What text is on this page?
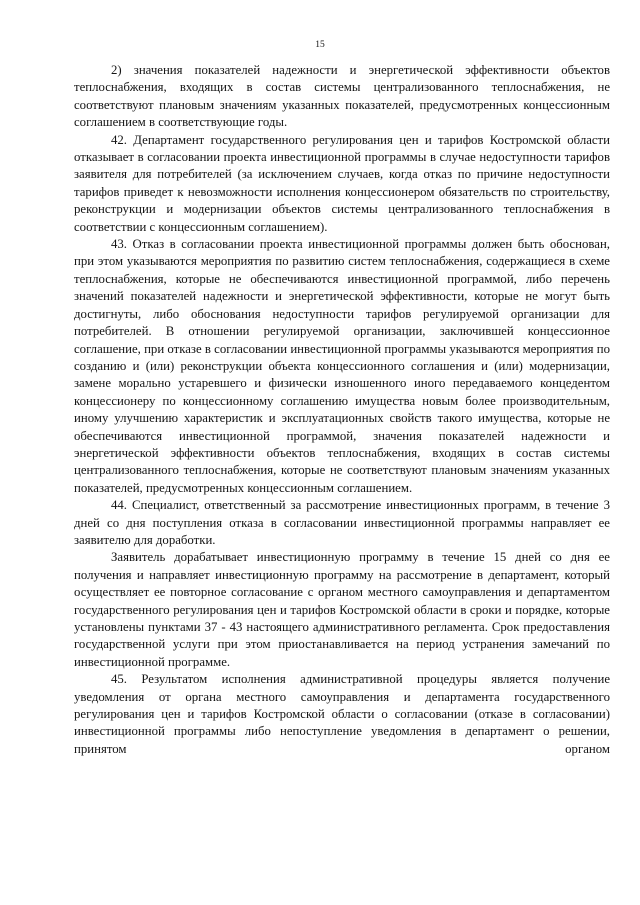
15

2) значения показателей надежности и энергетической эффективности объектов теплоснабжения, входящих в состав системы централизованного теплоснабжения, не соответствуют плановым значениям указанных показателей, предусмотренных концессионным соглашением в соответствующие годы.

42. Департамент государственного регулирования цен и тарифов Костромской области отказывает в согласовании проекта инвестиционной программы в случае недоступности тарифов заявителя для потребителей (за исключением случаев, когда отказ по причине недоступности тарифов приведет к невозможности исполнения концессионером обязательств по строительству, реконструкции и модернизации объектов системы централизованного теплоснабжения в соответствии с концессионным соглашением).

43. Отказ в согласовании проекта инвестиционной программы должен быть обоснован, при этом указываются мероприятия по развитию систем теплоснабжения, содержащиеся в схеме теплоснабжения, которые не обеспечиваются инвестиционной программой, либо перечень значений показателей надежности и энергетической эффективности, которые не могут быть достигнуты, либо обоснования недоступности тарифов регулируемой организации для потребителей. В отношении регулируемой организации, заключившей концессионное соглашение, при отказе в согласовании инвестиционной программы указываются мероприятия по созданию и (или) реконструкции объекта концессионного соглашения и (или) модернизации, замене морально устаревшего и физически изношенного иного передаваемого концедентом концессионеру по концессионному соглашению имущества новым более производительным, иному улучшению характеристик и эксплуатационных свойств такого имущества, которые не обеспечиваются инвестиционной программой, значения показателей надежности и энергетической эффективности объектов теплоснабжения, входящих в состав системы централизованного теплоснабжения, которые не соответствуют плановым значениям указанных показателей, предусмотренных концессионным соглашением.

44. Специалист, ответственный за рассмотрение инвестиционных программ, в течение 3 дней со дня поступления отказа в согласовании инвестиционной программы направляет ее заявителю для доработки.

Заявитель дорабатывает инвестиционную программу в течение 15 дней со дня ее получения и направляет инвестиционную программу на рассмотрение в департамент, который осуществляет ее повторное согласование с органом местного самоуправления и департаментом государственного регулирования цен и тарифов Костромской области в сроки и порядке, которые установлены пунктами 37 - 43 настоящего административного регламента. Срок предоставления государственной услуги при этом приостанавливается на период устранения замечаний по инвестиционной программе.

45. Результатом исполнения административной процедуры является получение уведомления от органа местного самоуправления и департамента государственного регулирования цен и тарифов Костромской области о согласовании (отказе в согласовании) инвестиционной программы либо непоступление уведомления в департамент о решении, принятом органом
